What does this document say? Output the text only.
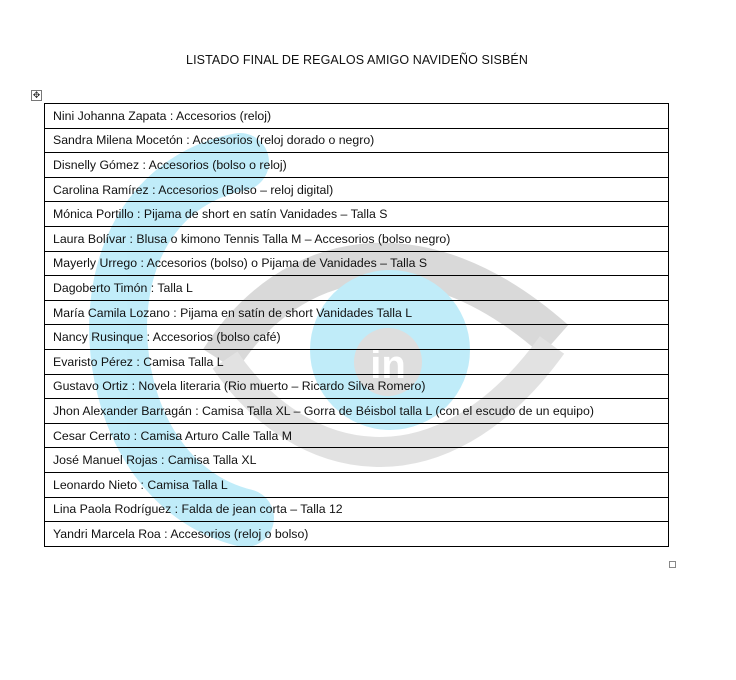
in
LISTADO FINAL DE REGALOS AMIGO NAVIDEÑO SISBÉN
✥
Nini Johanna Zapata : Accesorios (reloj)
Sandra Milena Mocetón : Accesorios (reloj dorado o negro)
Disnelly Gómez : Accesorios (bolso o reloj)
Carolina Ramírez : Accesorios (Bolso – reloj digital)
Mónica Portillo : Pijama de short en satín Vanidades – Talla S
Laura Bolívar : Blusa o kimono Tennis Talla M – Accesorios (bolso negro)
Mayerly Urrego : Accesorios (bolso) o Pijama de Vanidades – Talla S
Dagoberto Timón : Talla L
María Camila Lozano : Pijama en satín de short Vanidades Talla L
Nancy Rusinque : Accesorios (bolso café)
Evaristo Pérez : Camisa Talla L
Gustavo Ortiz : Novela literaria (Rio muerto – Ricardo Silva Romero)
Jhon Alexander Barragán : Camisa Talla XL – Gorra de Béisbol talla L (con el escudo de un equipo)
Cesar Cerrato : Camisa Arturo Calle Talla M
José Manuel Rojas : Camisa Talla XL
Leonardo Nieto : Camisa Talla L
Lina Paola Rodríguez : Falda de jean corta – Talla 12
Yandri Marcela Roa : Accesorios (reloj o bolso)
